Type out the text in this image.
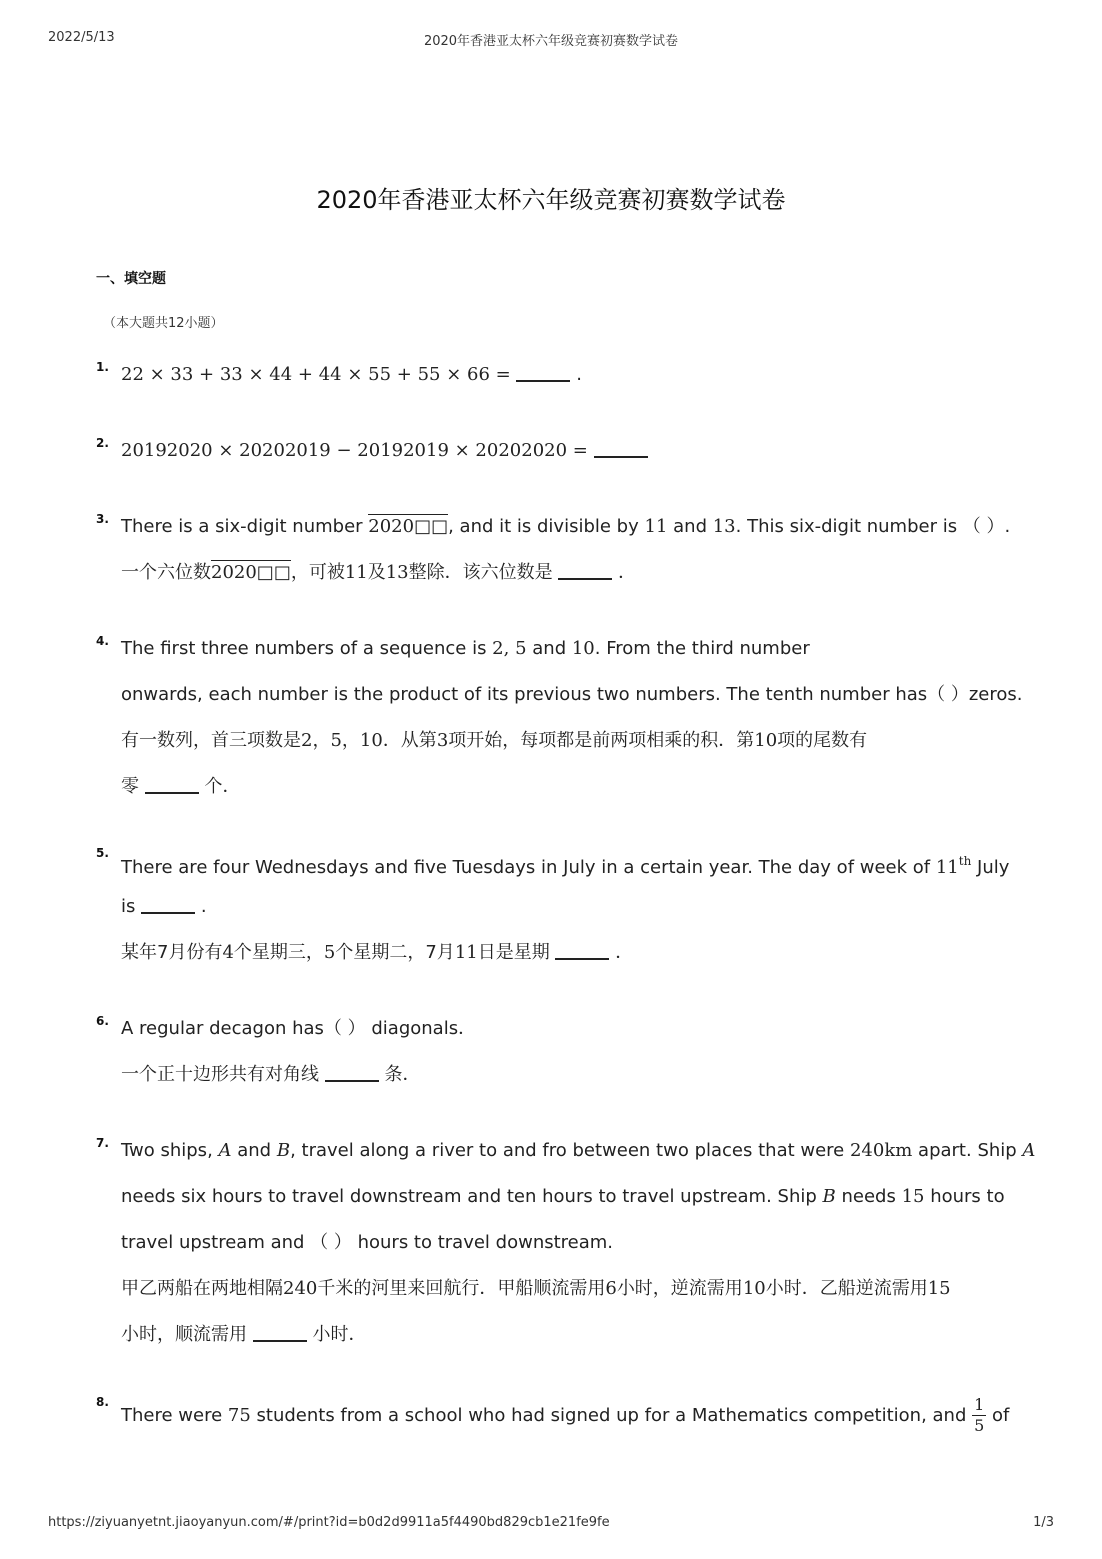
2022/5/13	2020年香港亚太杯六年级竞赛初赛数学试卷
2020年香港亚太杯六年级竞赛初赛数学试卷
一、填空题
（本大题共12小题）
1. 22 × 33 + 33 × 44 + 44 × 55 + 55 × 66 =	.
2. 20192020 × 20202019 − 20192019 × 20202020 =
3. There is a six-digit number 2020□□, and it is divisible by 11 and 13. This six-digit number is （ ）.
一个六位数2020□□，可被11及13整除．该六位数是	．
4. The first three numbers of a sequence is 2, 5 and 10. From the third number
onwards, each number is the product of its previous two numbers. The tenth number has（ ）zeros.
有一数列，首三项数是2，5，10．从第3项开始，每项都是前两项相乘的积．第10项的尾数有
零	个．
5.
There are four Wednesdays and five Tuesdays in July in a certain year. The day of week of 11th July
is	.
某年7月份有4个星期三，5个星期二，7月11日是星期	．
6. A regular decagon has（ ） diagonals．
一个正十边形共有对角线	条．
7. Two ships, A and B, travel along a river to and fro between two places that were 240km apart. Ship A
needs six hours to travel downstream and ten hours to travel upstream. Ship B needs 15 hours to
travel upstream and （ ） hours to travel downstream.
甲乙两船在两地相隔240千米的河里来回航行．甲船顺流需用6小时，逆流需用10小时．乙船逆流需用15
小时，顺流需用	小时．
8.
There were 75 students from a school who had signed up for a Mathematics competition, and $\frac{1}{5}$ of
https://ziyuanyetnt.jiaoyanyun.com/#/print?id=b0d2d9911a5f4490bd829cb1e21fe9fe	1/3
